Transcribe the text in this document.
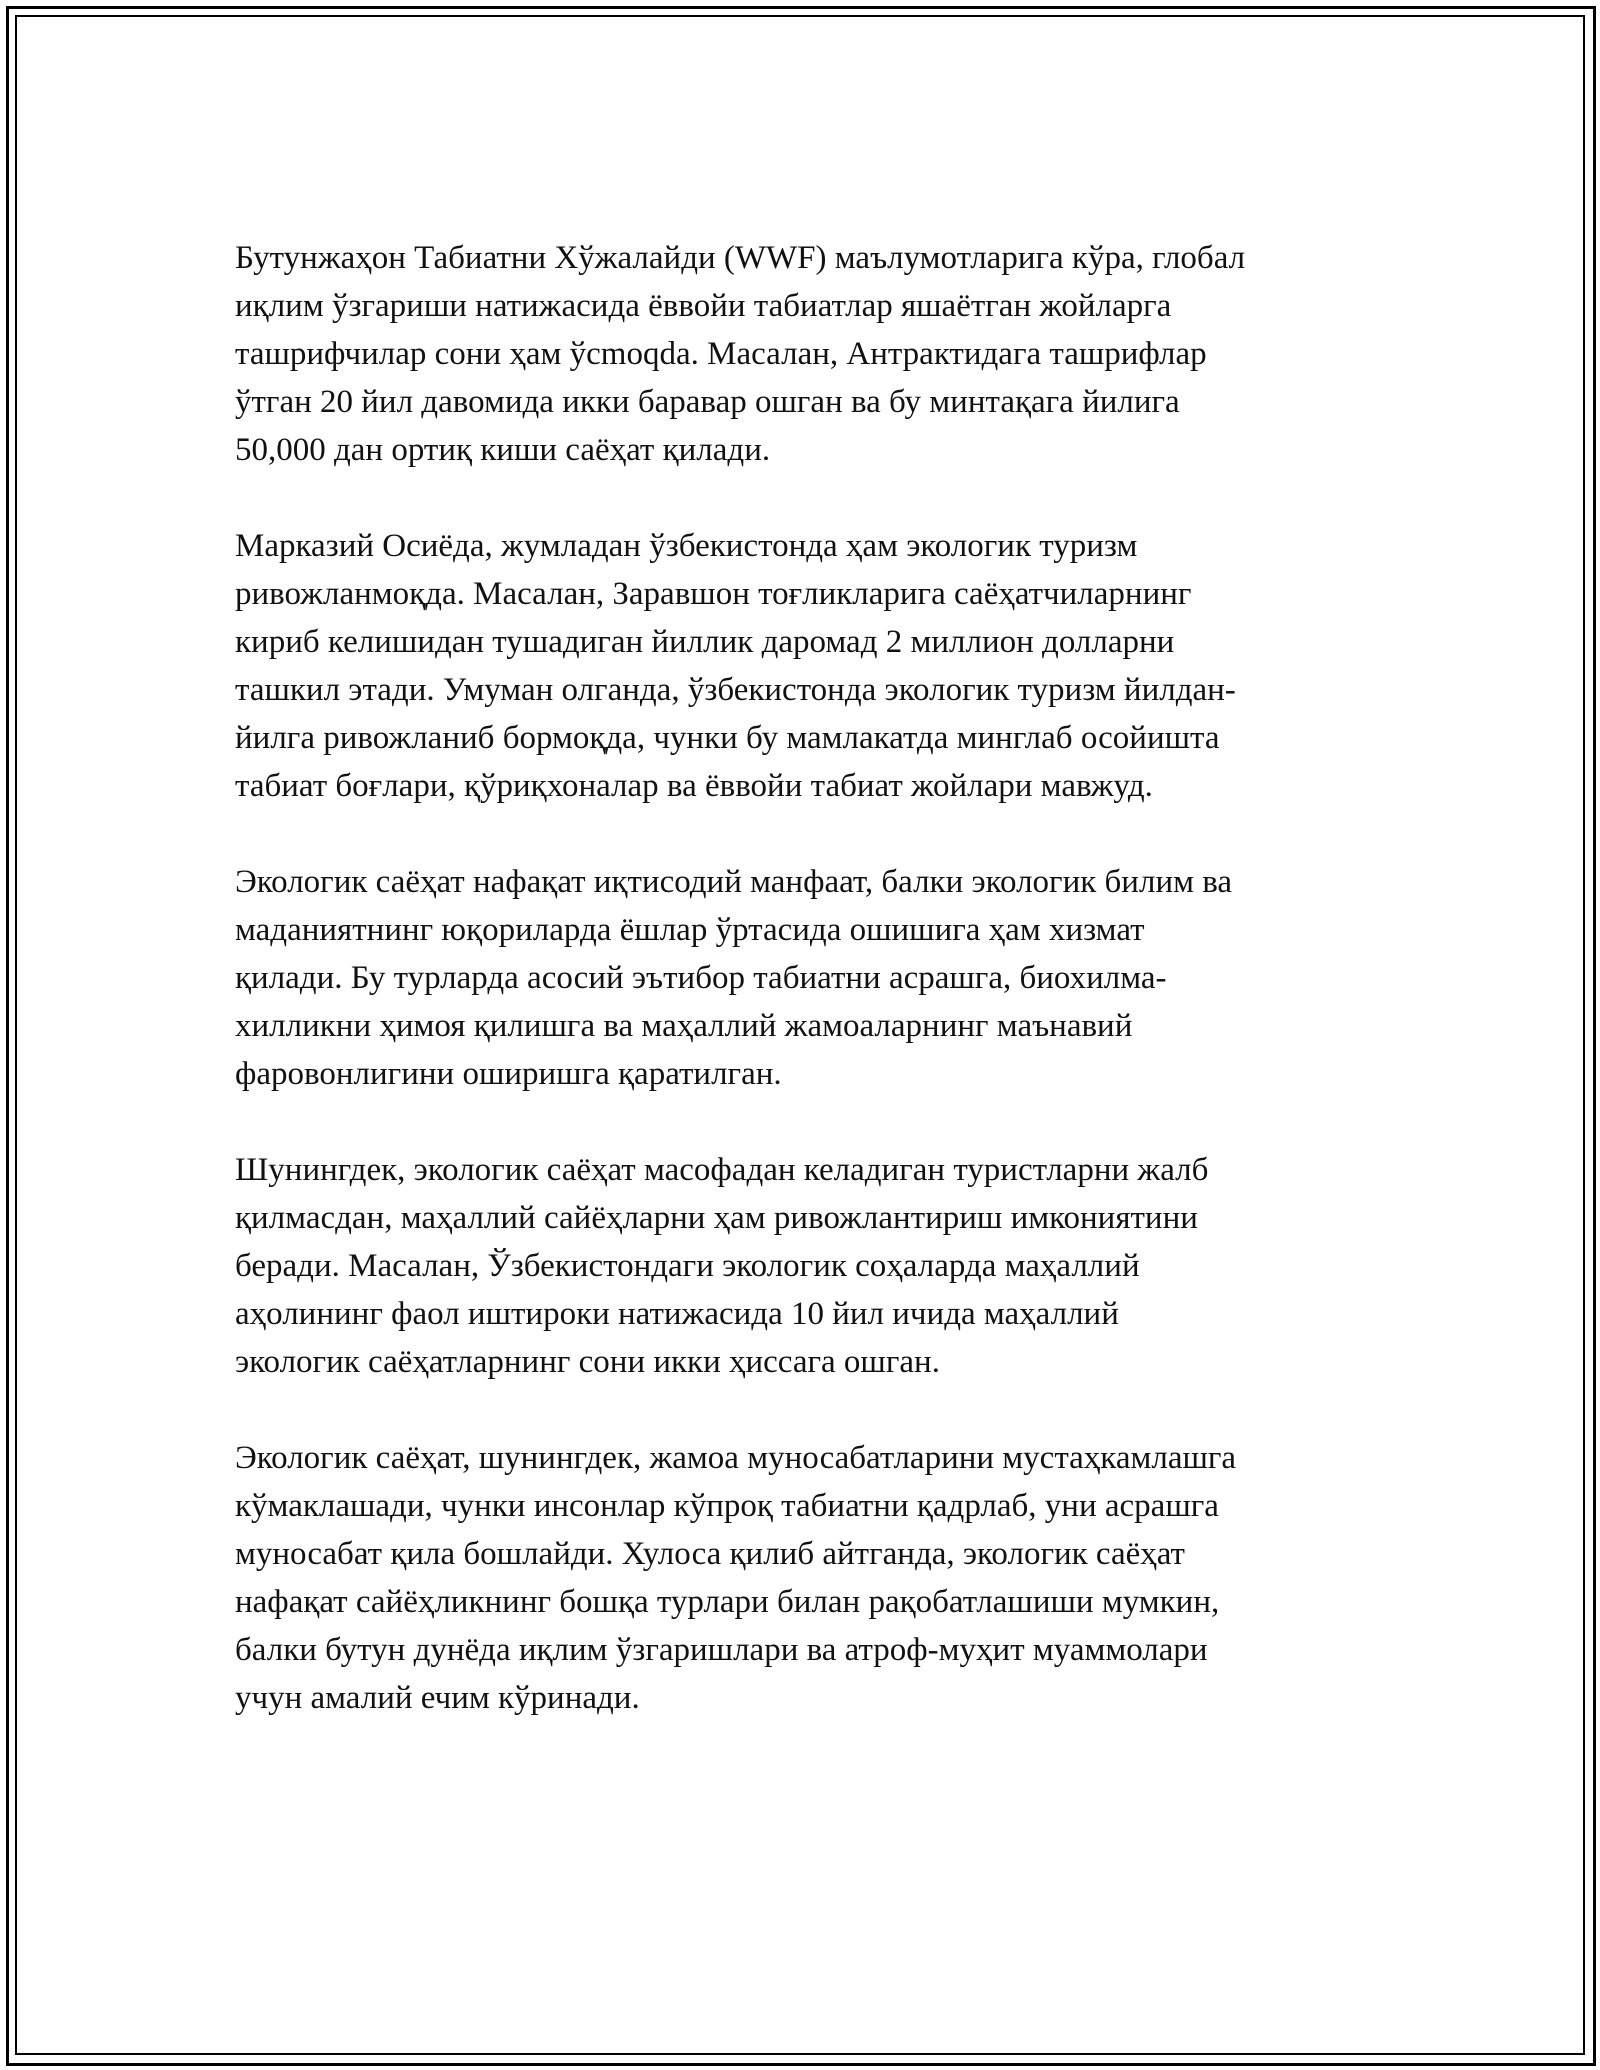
Бутунжаҳон Табиатни Хўжалайди (WWF) маълумотларига кўра, глобал
иқлим ўзгариши натижасида ёввойи табиатлар яшаётган жойларга
ташрифчилар сони ҳам ўсmoqda. Масалан, Антрактидага ташрифлар
ўтган 20 йил давомида икки баравар ошган ва бу минтақага йилига
50,000 дан ортиқ киши саёҳат қилади.

Марказий Осиёда, жумладан ўзбекистонда ҳам экологик туризм
ривожланмоқда. Масалан, Заравшон тоғликларига саёҳатчиларнинг
кириб келишидан тушадиган йиллик даромад 2 миллион долларни
ташкил этади. Умуман олганда, ўзбекистонда экологик туризм йилдан-
йилга ривожланиб бормоқда, чунки бу мамлакатда минглаб осойишта
табиат боғлари, қўриқхоналар ва ёввойи табиат жойлари мавжуд.

Экологик саёҳат нафақат иқтисодий манфаат, балки экологик билим ва
маданиятнинг юқориларда ёшлар ўртасида ошишига ҳам хизмат
қилади. Бу турларда асосий эътибор табиатни асрашга, биохилма-
хилликни ҳимоя қилишга ва маҳаллий жамоаларнинг маънавий
фаровонлигини оширишга қаратилган.

Шунингдек, экологик саёҳат масофадан келадиган туристларни жалб
қилмасдан, маҳаллий сайёҳларни ҳам ривожлантириш имкониятини
беради. Масалан, Ўзбекистондаги экологик соҳаларда маҳаллий
аҳолининг фаол иштироки натижасида 10 йил ичида маҳаллий
экологик саёҳатларнинг сони икки ҳиссага ошган.

Экологик саёҳат, шунингдек, жамоа муносабатларини мустаҳкамлашга
кўмаклашади, чунки инсонлар кўпроқ табиатни қадрлаб, уни асрашга
муносабат қила бошлайди. Хулоса қилиб айтганда, экологик саёҳат
нафақат сайёҳликнинг бошқа турлари билан рақобатлашиши мумкин,
балки бутун дунёда иқлим ўзгаришлари ва атроф-муҳит муаммолари
учун амалий ечим кўринади.
